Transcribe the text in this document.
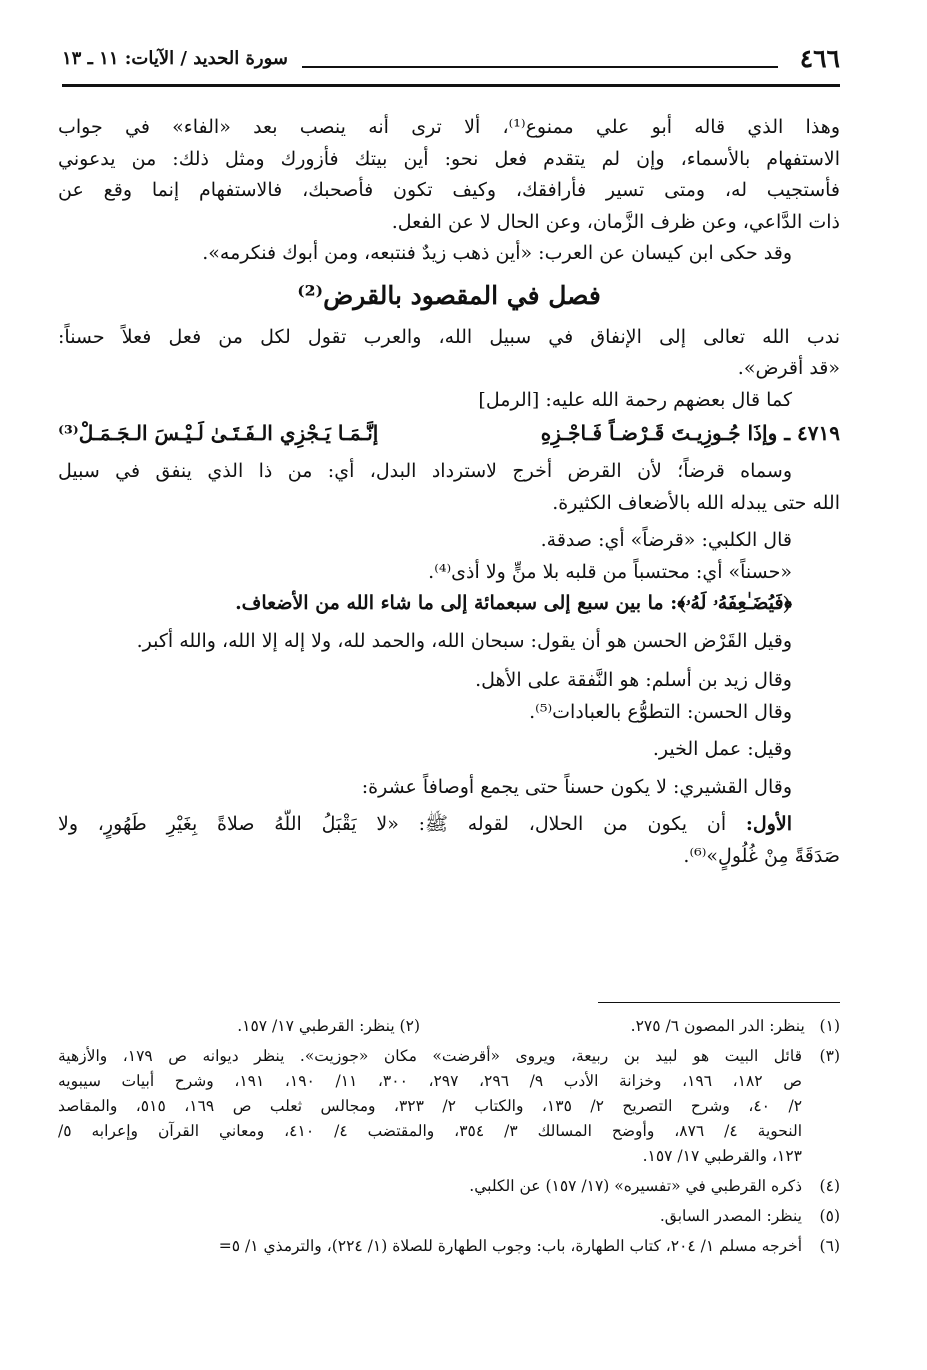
٤٦٦
سورة الحديد / الآيات: ١١ ـ ١٣
وهذا الذي قاله أبو علي ممنوع⁽¹⁾، ألا ترى أنه ينصب بعد «الفاء» في جواب
الاستفهام بالأسماء، وإن لم يتقدم فعل نحو: أين بيتك فأزورك ومثل ذلك: من يدعوني
فأستجيب له، ومتى تسير فأرافقك، وكيف تكون فأصحبك، فالاستفهام إنما وقع عن
ذات الدَّاعي، وعن ظرف الزَّمان، وعن الحال لا عن الفعل.
وقد حكى ابن كيسان عن العرب: «أين ذهب زيدٌ فنتبعه، ومن أبوك فنكرمه».
فصل في المقصود بالقرض⁽²⁾
ندب الله تعالى إلى الإنفاق في سبيل الله، والعرب تقول لكل من فعل فعلاً حسناً:
«قد أقرض».
كما قال بعضهم رحمة الله عليه: [الرمل]
٤٧١٩ ـ وإذَا جُـوزِيـتَ قَـرْضـاً فَـاجْـزِهِ
إنَّـمَـا يَـجْزِي الـفَـتَـىٰ لَـيْـسَ الـجَـمَـلْ⁽³⁾
وسماه قرضاً؛ لأن القرض أخرج لاسترداد البدل، أي: من ذا الذي ينفق في سبيل
الله حتى يبدله الله بالأضعاف الكثيرة.
قال الكلبي: «قرضاً» أي: صدقة.
«حسناً» أي: محتسباً من قلبه بلا منٍّ ولا أذى⁽⁴⁾.
﴿فَيُضَـٰعِفَهُۥ لَهُۥ﴾: ما بين سبع إلى سبعمائة إلى ما شاء الله من الأضعاف.
وقيل القَرْض الحسن هو أن يقول: سبحان الله، والحمد لله، ولا إله إلا الله، والله أكبر.
وقال زيد بن أسلم: هو النَّفقة على الأهل.
وقال الحسن: التطوُّع بالعبادات⁽⁵⁾.
وقيل: عمل الخير.
وقال القشيري: لا يكون حسناً حتى يجمع أوصافاً عشرة:
الأول: أن يكون من الحلال، لقوله ﷺ: «لا يَقْبَلُ اللَّهُ صلاةً بِغَيْرِ طَهُورٍ، ولا
صَدَقَةً مِنْ غُلُولٍ»⁽⁶⁾.
(١)   ينظر: الدر المصون ٦/ ٢٧٥.
(٢) ينظر: القرطبي ١٧/ ١٥٧.
(٣)
قائل البيت هو لبيد بن ربيعة، ويروى «أقرضت» مكان «جوزيت». ينظر ديوانه ص ١٧٩، والأزهية
ص ١٨٢، ١٩٦، وخزانة الأدب ٩/ ٢٩٦، ٢٩٧، ٣٠٠، ١١/ ١٩٠، ١٩١، وشرح أبيات سيبويه
٢/ ٤٠، وشرح التصريح ٢/ ١٣٥، والكتاب ٢/ ٣٢٣، ومجالس ثعلب ص ١٦٩، ٥١٥، والمقاصد
النحوية ٤/ ٨٧٦، وأوضح المسالك ٣/ ٣٥٤، والمقتضب ٤/ ٤١٠، ومعاني القرآن وإعرابه ٥/
١٢٣، والقرطبي ١٧/ ١٥٧.
(٤)
ذكره القرطبي في «تفسيره» (١٧/ ١٥٧) عن الكلبي.
(٥)
ينظر: المصدر السابق.
(٦)
أخرجه مسلم ١/ ٢٠٤، كتاب الطهارة، باب: وجوب الطهارة للصلاة (١/ ٢٢٤)، والترمذي ١/ ٥=
